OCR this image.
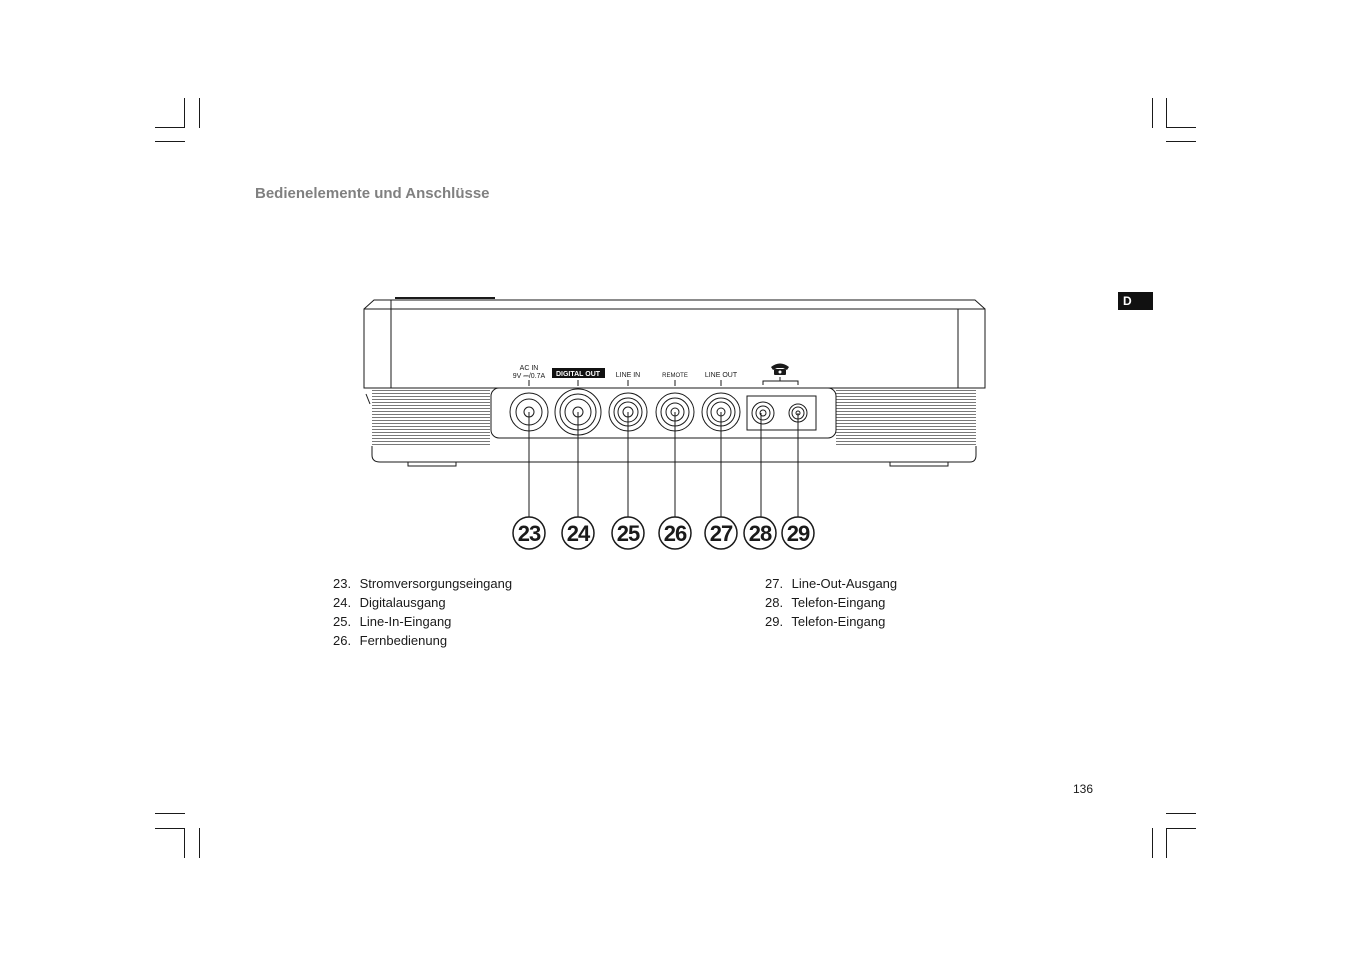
Bedienelemente und Anschlüsse
D
AC IN
9V ⎓/0.7A DIGITAL OUT LINE IN	REMOTE LINE OUT
23 24 25 26 27 28 29
23. Stromversorgungseingang
24. Digitalausgang
25. Line-In-Eingang
26. Fernbedienung
27. Line-Out-Ausgang
28. Telefon-Eingang
29. Telefon-Eingang
136
